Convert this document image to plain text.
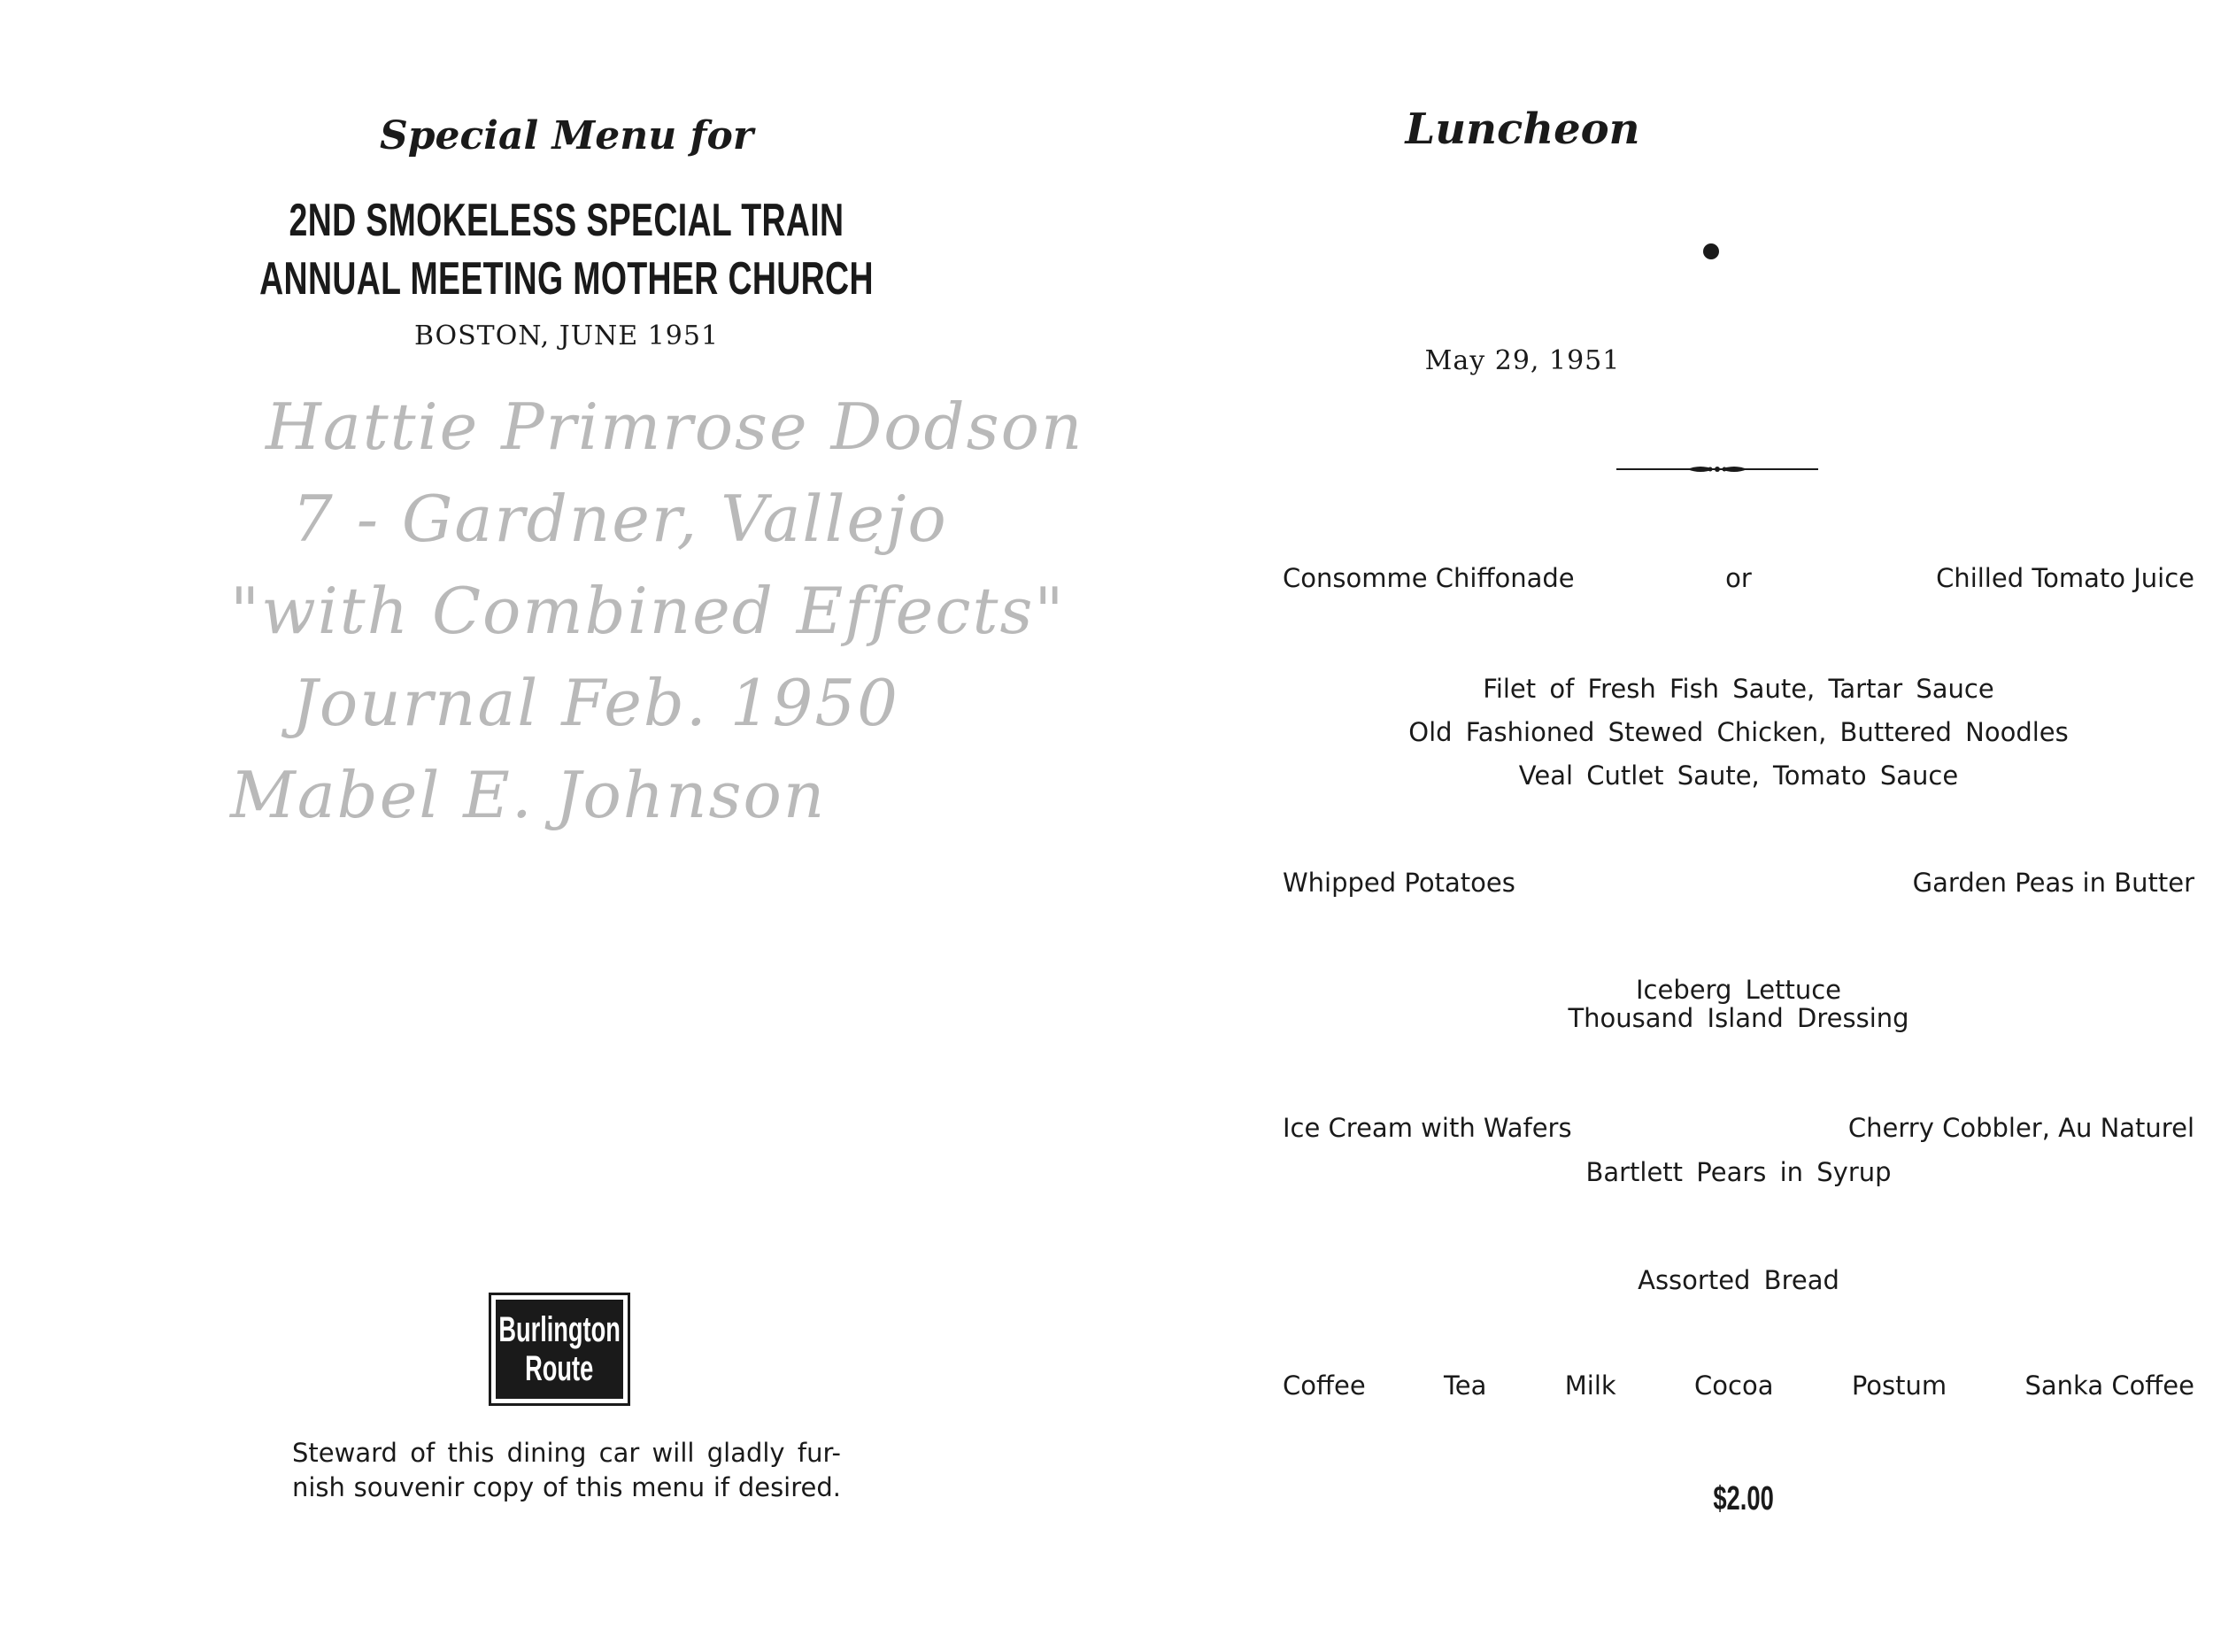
Special Menu for
2ND SMOKELESS SPECIAL TRAIN
ANNUAL MEETING MOTHER CHURCH
BOSTON, JUNE 1951
Hattie Primrose Dodson
7 - Gardner, Vallejo
"with Combined Effects"
Journal Feb. 1950
Mabel E. Johnson
Burlington
Route
Steward of this dining car will gladly fur-
nish souvenir copy of this menu if desired.
Luncheon
May 29, 1951
Consomme Chiffonade	or	Chilled Tomato Juice
Filet of Fresh Fish Saute, Tartar Sauce
Old Fashioned Stewed Chicken, Buttered Noodles
Veal Cutlet Saute, Tomato Sauce
Whipped Potatoes	Garden Peas in Butter
Iceberg Lettuce
Thousand Island Dressing
Ice Cream with Wafers	Cherry Cobbler, Au Naturel
Bartlett Pears in Syrup
Assorted Bread
Coffee	Tea	Milk	Cocoa	Postum	Sanka Coffee
$2.00
